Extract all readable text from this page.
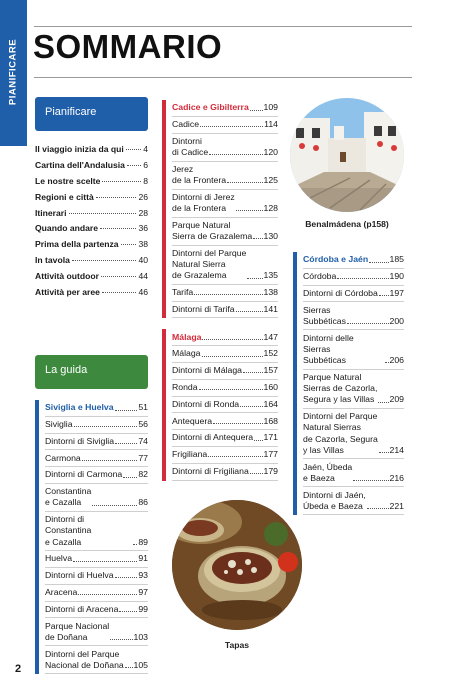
PIANIFICARE SOMMARIO
Pianificare
Il viaggio inizia da qui 4
Cartina dell'Andalusia 6
Le nostre scelte	8
Regioni e città	26
Itinerari	28
Quando andare	36
Prima della partenza 38
In tavola	40
Attività outdoor	44
Attività per aree	46
La guida
Siviglia e Huelva	51
Siviglia	56
Dintorni di Siviglia	74
Carmona	77
Dintorni di Carmona 82
Constantina
e Cazalla	86
Dintorni di Constantina
e Cazalla	89
Huelva	91
Dintorni di Huelva	93
Aracena	97
Dintorni di Aracena 99
Parque Nacional
de Doñana	103
Dintorni del Parque
Nacional de Doñana 105
Cadice e Gibilterra 109
Cadice	114
Dintorni
di Cadice	120
Jerez
de la Frontera	125
Dintorni di Jerez
de la Frontera	128
Parque Natural
Sierra de Grazalema 130
Dintorni del Parque
Natural Sierra
de Grazalema	135
Tarifa	138
Dintorni di Tarifa	141
Málaga	147
Málaga	152
Dintorni di Málaga 157
Ronda	160
Dintorni di Ronda	164
Antequera	168
Dintorni di Antequera 171
Frigiliana	177
Dintorni di Frigiliana 179
Córdoba e Jaén 185
Córdoba	190
Dintorni di Córdoba 197
Sierras
Subbéticas	200
Dintorni delle Sierras
Subbéticas	206
Parque Natural
Sierras de Cazorla,
Segura y las Villas	209
Dintorni del Parque
Natural Sierras
de Cazorla, Segura
y las Villas	214
Jaén, Úbeda
e Baeza	216
Dintorni di Jaén,
Úbeda e Baeza	221
Benalmádena (p158)
Tapas
2
